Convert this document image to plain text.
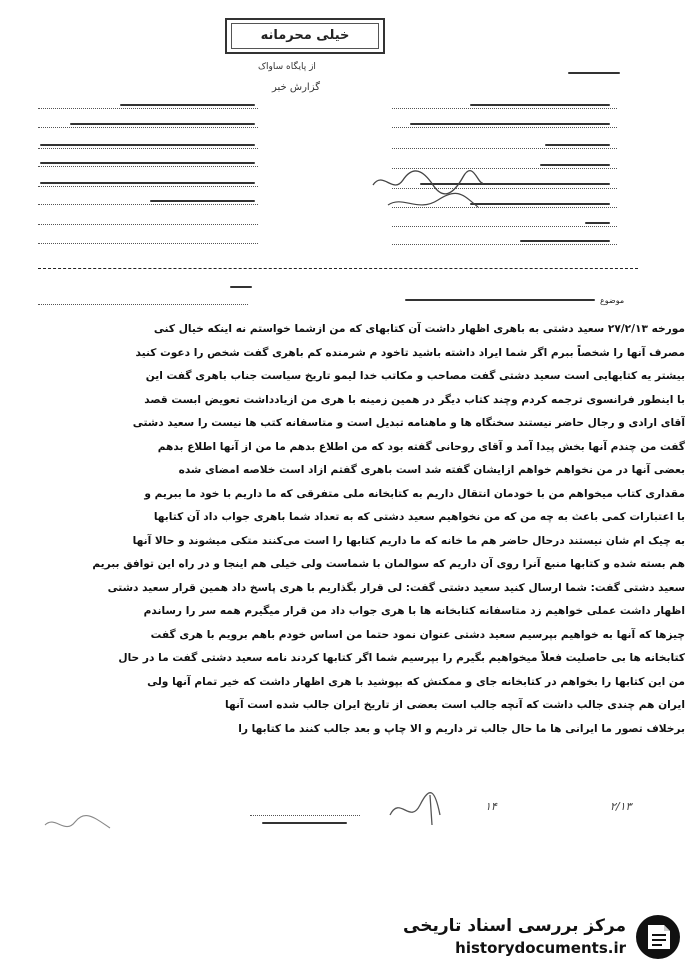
خیلی محرمانه
از پایگاه ساواک
گزارش خبر
موضوع

مورخه ۲۷/۲/۱۳ سعید دشتی به باهری اظهار داشت آن کتابهای که من ازشما خواستم نه اینکه خیال کنی

مصرف آنها را شخصاً ببرم اگر شما ایراد داشته باشید تاخود م شرمنده کم باهری گفت شخص را دعوت کنید

بیشتر یه کتابهایی است سعید دشتی گفت مصاحب و مکاتب خدا لیمو تاریخ سیاست جناب باهری گفت این

با اینطور فرانسوی ترجمه کردم وچند کتاب دیگر در همین زمینه با هری من ازیادداشت تعویض ابست قصد

آقای ارادی و رجال حاضر نیستند سخنگاه ها و ماهنامه تبدیل است و متاسفانه کتب ها نیست را سعید دشتی

گفت من چندم آنها بخش پیدا آمد و آقای روحانی گفته بود که من اطلاع بدهم ما من از آنها اطلاع بدهم

بعضی آنها در من نخواهم خواهم ازایشان گفته شد است باهری گفتم ازاد است خلاصه امضای شده

مقداری کتاب میخواهم من با خودمان انتقال داریم به کتابخانه ملی متفرقی که ما داریم با خود ما ببریم و

با اعتبارات کمی باعث به چه من که من نخواهیم سعید دشتی که به تعداد شما باهری جواب داد آن کتابها

به چیک ام شان نیستند درحال حاضر هم ما خانه که ما داریم کتابها را است می‌کنند متکی میشوند و حالا آنها

هم بسته شده و کتابها منبع آنرا روی آن داریم که سوالمان با شماست ولی خیلی هم اینجا و در راه این توافق ببریم

سعید دشتی گفت: شما ارسال کنید سعید دشتی گفت: لی قرار بگذاریم با هری پاسخ داد همین قرار سعید دشتی

اظهار داشت عملی خواهیم زد متاسفانه کتابخانه ها با هری جواب داد من قرار میگیرم همه سر را رساندم

چیزها که آنها به خواهیم بپرسیم سعید دشتی عنوان نمود حتما من اساس خودم باهم برویم با هری گفت

کتابخانه ها بی حاصلیت فعلاً میخواهیم بگیرم را بپرسیم شما اگر کتابها کردند نامه سعید دشتی گفت ما در حال

من این کتابها را بخواهم در کتابخانه جای و ممکنش که بپوشید با هری اظهار داشت که خیر تمام آنها ولی

ایران هم چندی جالب داشت که آنچه جالب است بعضی از تاریخ ایران جالب شده است آنها

برخلاف تصور ما ایرانی ها ما حال جالب تر داریم و الا چاپ و بعد جالب کنند ما کتابها را

۱۴	۲/۱۳
مرکز بررسی اسناد تاریخی
historydocuments.ir
